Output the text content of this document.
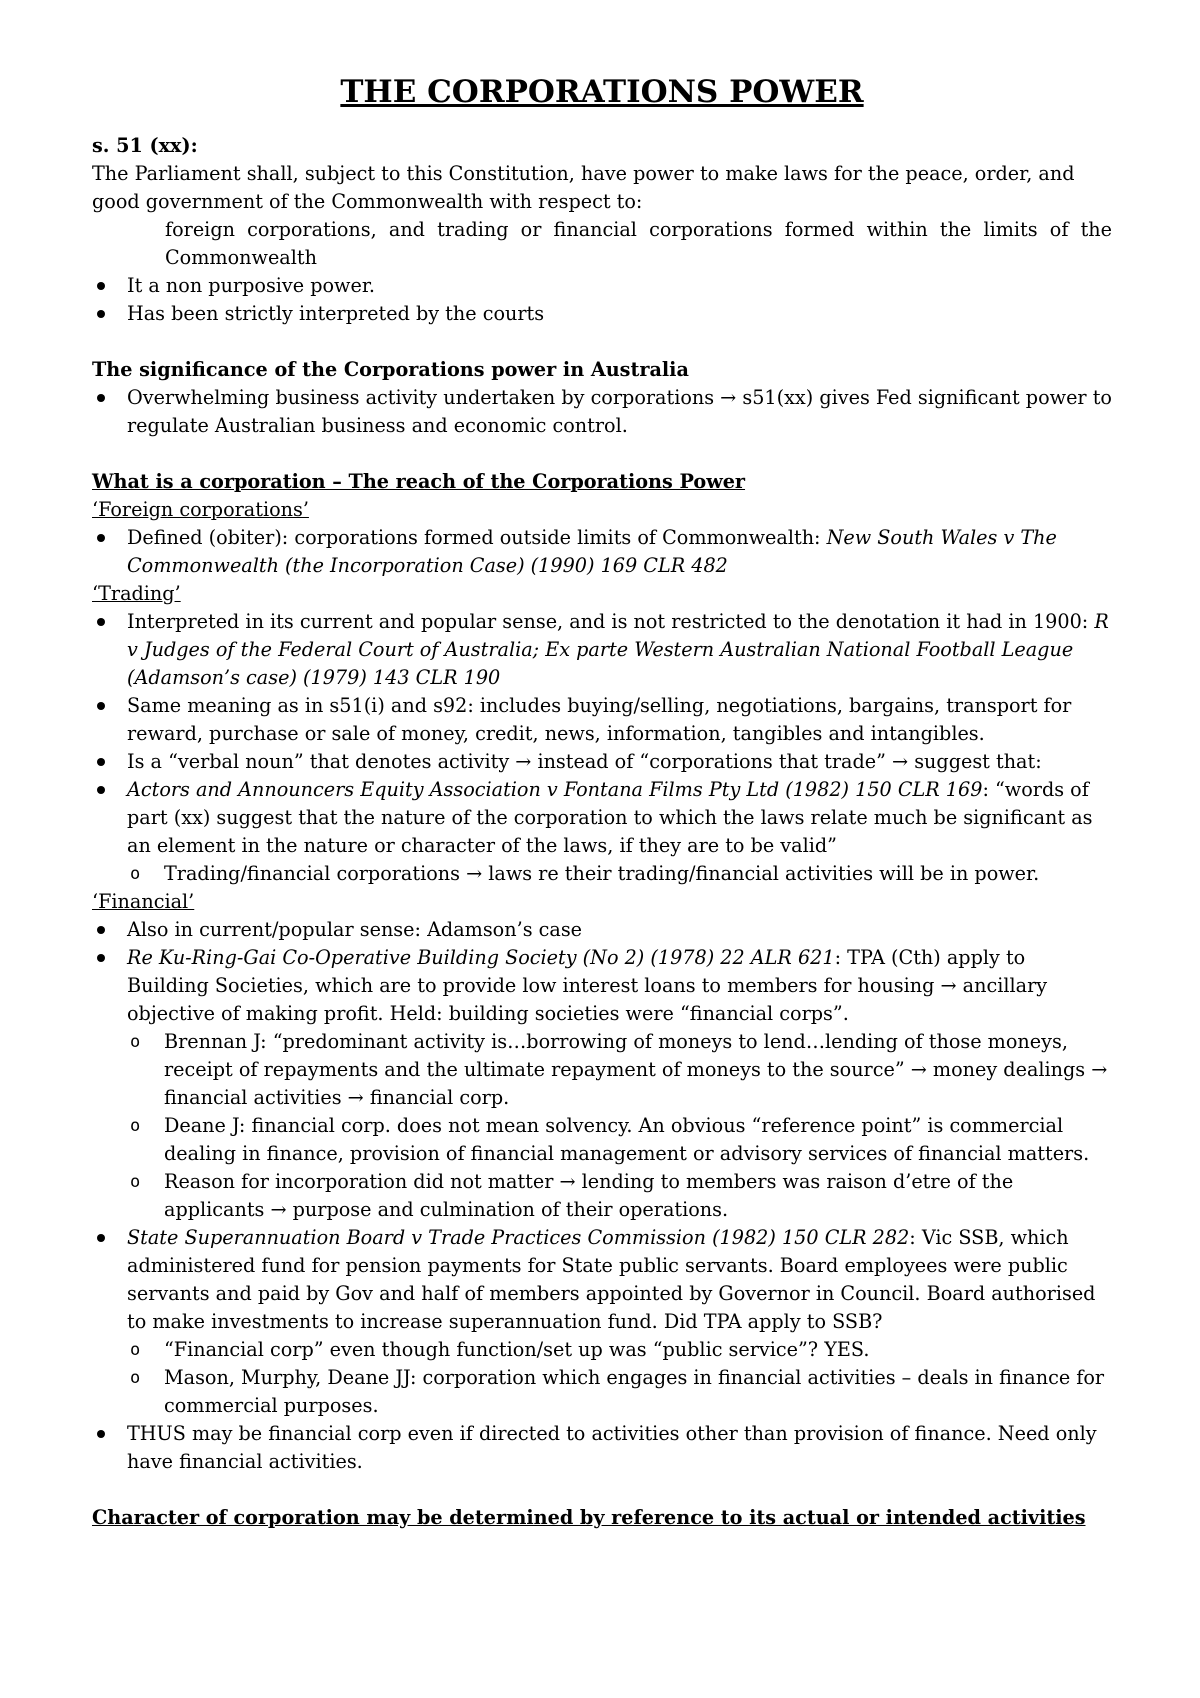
THE CORPORATIONS POWER

s. 51 (xx):

The Parliament shall, subject to this Constitution, have power to make laws for the peace, order, and good government of the Commonwealth with respect to:

foreign corporations, and trading or financial corporations formed within the limits of the Commonwealth

It a non purposive power.
Has been strictly interpreted by the courts

The significance of the Corporations power in Australia

Overwhelming business activity undertaken by corporations → s51(xx) gives Fed significant power to regulate Australian business and economic control.

What is a corporation – The reach of the Corporations Power

‘Foreign corporations’

Defined (obiter): corporations formed outside limits of Commonwealth: New South Wales v The Commonwealth (the Incorporation Case) (1990) 169 CLR 482

‘Trading’

Interpreted in its current and popular sense, and is not restricted to the denotation it had in 1900: R v Judges of the Federal Court of Australia; Ex parte Western Australian National Football League (Adamson’s case) (1979) 143 CLR 190
Same meaning as in s51(i) and s92: includes buying/selling, negotiations, bargains, transport for reward, purchase or sale of money, credit, news, information, tangibles and intangibles.
Is a “verbal noun” that denotes activity → instead of “corporations that trade” → suggest that:
Actors and Announcers Equity Association v Fontana Films Pty Ltd (1982) 150 CLR 169: “words of part (xx) suggest that the nature of the corporation to which the laws relate much be significant as an element in the nature or character of the laws, if they are to be valid”
o Trading/financial corporations → laws re their trading/financial activities will be in power.

‘Financial’

Also in current/popular sense: Adamson’s case
Re Ku-Ring-Gai Co-Operative Building Society (No 2) (1978) 22 ALR 621: TPA (Cth) apply to Building Societies, which are to provide low interest loans to members for housing → ancillary objective of making profit. Held: building societies were “financial corps”.
o Brennan J: “predominant activity is…borrowing of moneys to lend…lending of those moneys, receipt of repayments and the ultimate repayment of moneys to the source” → money dealings → financial activities → financial corp.
o Deane J: financial corp. does not mean solvency. An obvious “reference point” is commercial dealing in finance, provision of financial management or advisory services of financial matters.
o Reason for incorporation did not matter → lending to members was raison d’etre of the applicants → purpose and culmination of their operations.
State Superannuation Board v Trade Practices Commission (1982) 150 CLR 282: Vic SSB, which administered fund for pension payments for State public servants. Board employees were public servants and paid by Gov and half of members appointed by Governor in Council. Board authorised to make investments to increase superannuation fund. Did TPA apply to SSB?
o “Financial corp” even though function/set up was “public service”? YES.
o Mason, Murphy, Deane JJ: corporation which engages in financial activities – deals in finance for commercial purposes.
THUS may be financial corp even if directed to activities other than provision of finance. Need only have financial activities.

Character of corporation may be determined by reference to its actual or intended activities
